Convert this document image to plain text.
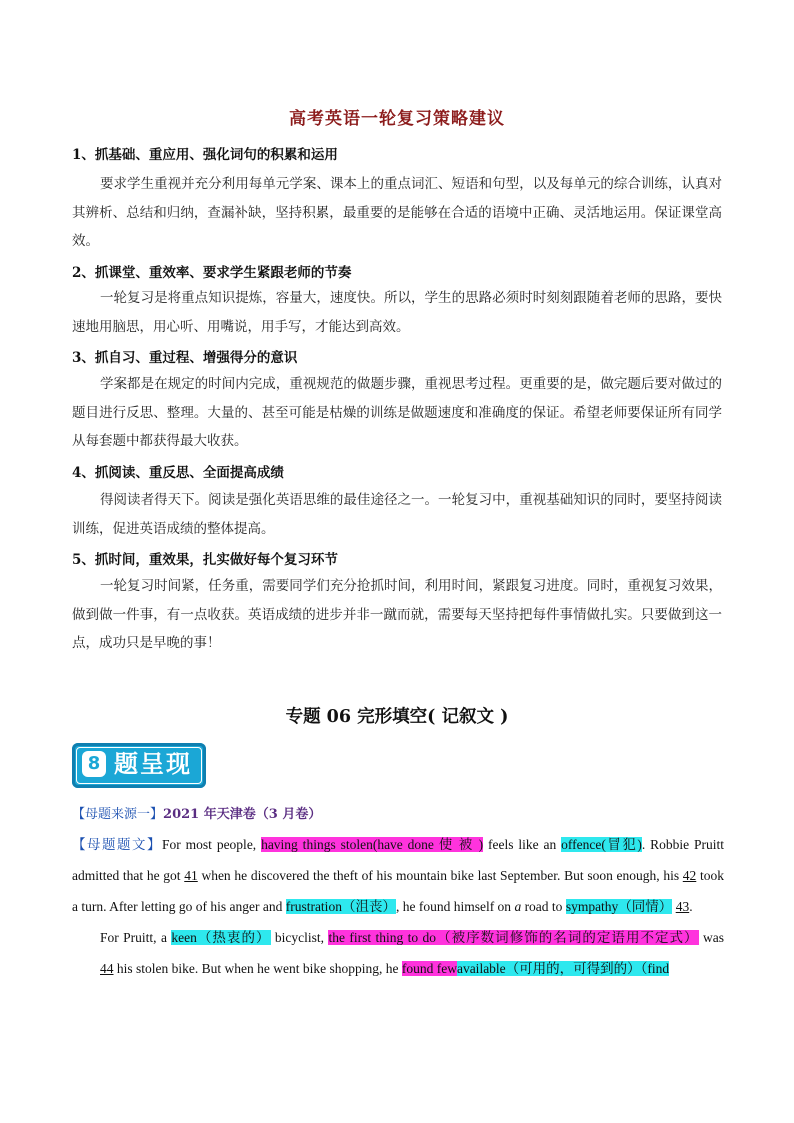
高考英语一轮复习策略建议
1、抓基础、重应用、强化词句的积累和运用
要求学生重视并充分利用每单元学案、课本上的重点词汇、短语和句型，以及每单元的综合训练，认真对其辨析、总结和归纳，查漏补缺，坚持积累，最重要的是能够在合适的语境中正确、灵活地运用。保证课堂高效。
2、抓课堂、重效率、要求学生紧跟老师的节奏
一轮复习是将重点知识提炼，容量大，速度快。所以，学生的思路必须时时刻刻跟随着老师的思路，要快速地用脑思，用心听、用嘴说，用手写，才能达到高效。
3、抓自习、重过程、增强得分的意识
学案都是在规定的时间内完成，重视规范的做题步骤，重视思考过程。更重要的是，做完题后要对做过的题目进行反思、整理。大量的、甚至可能是枯燥的训练是做题速度和准确度的保证。希望老师要保证所有同学从每套题中都获得最大收获。
4、抓阅读、重反思、全面提高成绩
得阅读者得天下。阅读是强化英语思维的最佳途径之一。一轮复习中，重视基础知识的同时，要坚持阅读训练，促进英语成绩的整体提高。
5、抓时间，重效果，扎实做好每个复习环节
一轮复习时间紧，任务重，需要同学们充分抢抓时间，利用时间，紧跟复习进度。同时，重视复习效果，做到做一件事，有一点收获。英语成绩的进步并非一蹴而就，需要每天坚持把每件事情做扎实。只要做到这一点，成功只是早晚的事！
专题 06 完形填空( 记叙文 )
8 题呈现
【母题来源一】2021 年天津卷（3 月卷）

【母题题文】For most people, having things stolen(have done 使 被 ) feels like an offence(冒犯). Robbie Pruitt admitted that he got 41 when he discovered the theft of his mountain bike last September. But soon enough, his 42 took a turn. After letting go of his anger and frustration（沮丧）, he found himself on a road to sympathy（同情） 43.

For Pruitt, a keen（热衷的） bicyclist, the first thing to do（被序数词修饰的名词的定语用不定式） was 44 his stolen bike. But when he went bike shopping, he found fewavailable（可用的，可得到的）（find
